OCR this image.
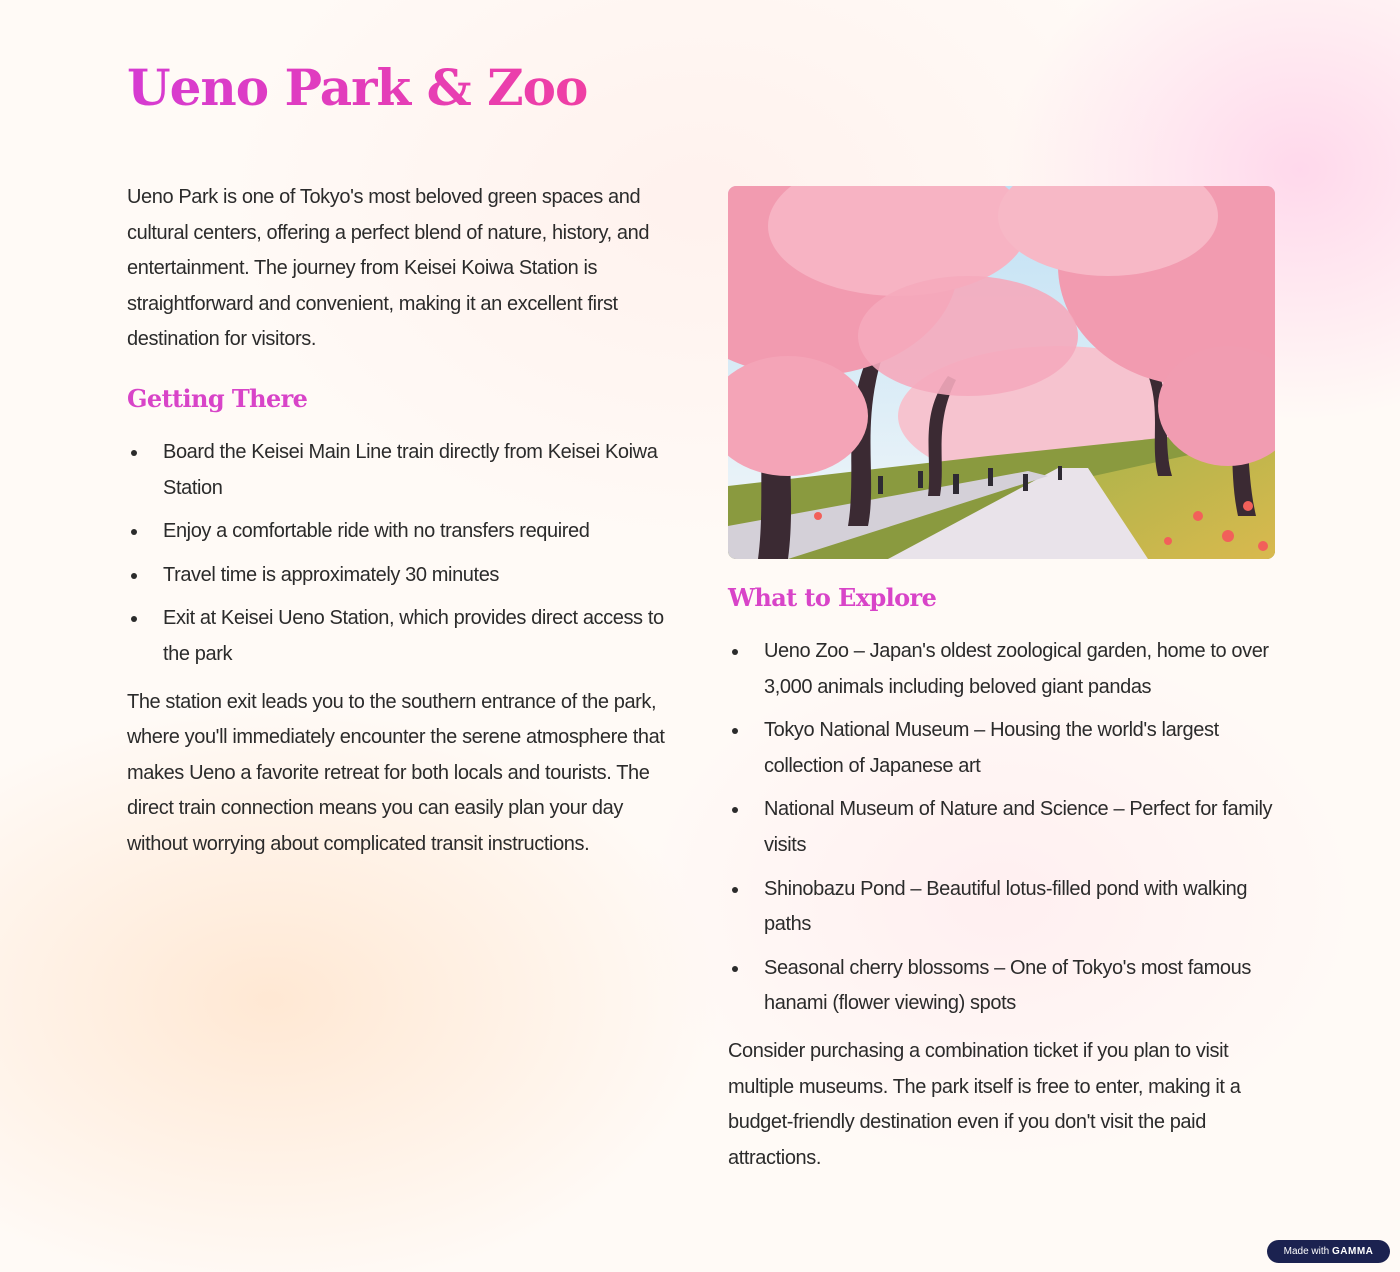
Ueno Park & Zoo

Ueno Park is one of Tokyo's most beloved green spaces and cultural centers, offering a perfect blend of nature, history, and entertainment. The journey from Keisei Koiwa Station is straightforward and convenient, making it an excellent first destination for visitors.

Getting There
Board the Keisei Main Line train directly from Keisei Koiwa Station
Enjoy a comfortable ride with no transfers required
Travel time is approximately 30 minutes
Exit at Keisei Ueno Station, which provides direct access to the park

The station exit leads you to the southern entrance of the park, where you'll immediately encounter the serene atmosphere that makes Ueno a favorite retreat for both locals and tourists. The direct train connection means you can easily plan your day without worrying about complicated transit instructions.

What to Explore
Ueno Zoo – Japan's oldest zoological garden, home to over 3,000 animals including beloved giant pandas
Tokyo National Museum – Housing the world's largest collection of Japanese art
National Museum of Nature and Science – Perfect for family visits
Shinobazu Pond – Beautiful lotus-filled pond with walking paths
Seasonal cherry blossoms – One of Tokyo's most famous hanami (flower viewing) spots

Consider purchasing a combination ticket if you plan to visit multiple museums. The park itself is free to enter, making it a budget-friendly destination even if you don't visit the paid attractions.

Made with GAMMA
